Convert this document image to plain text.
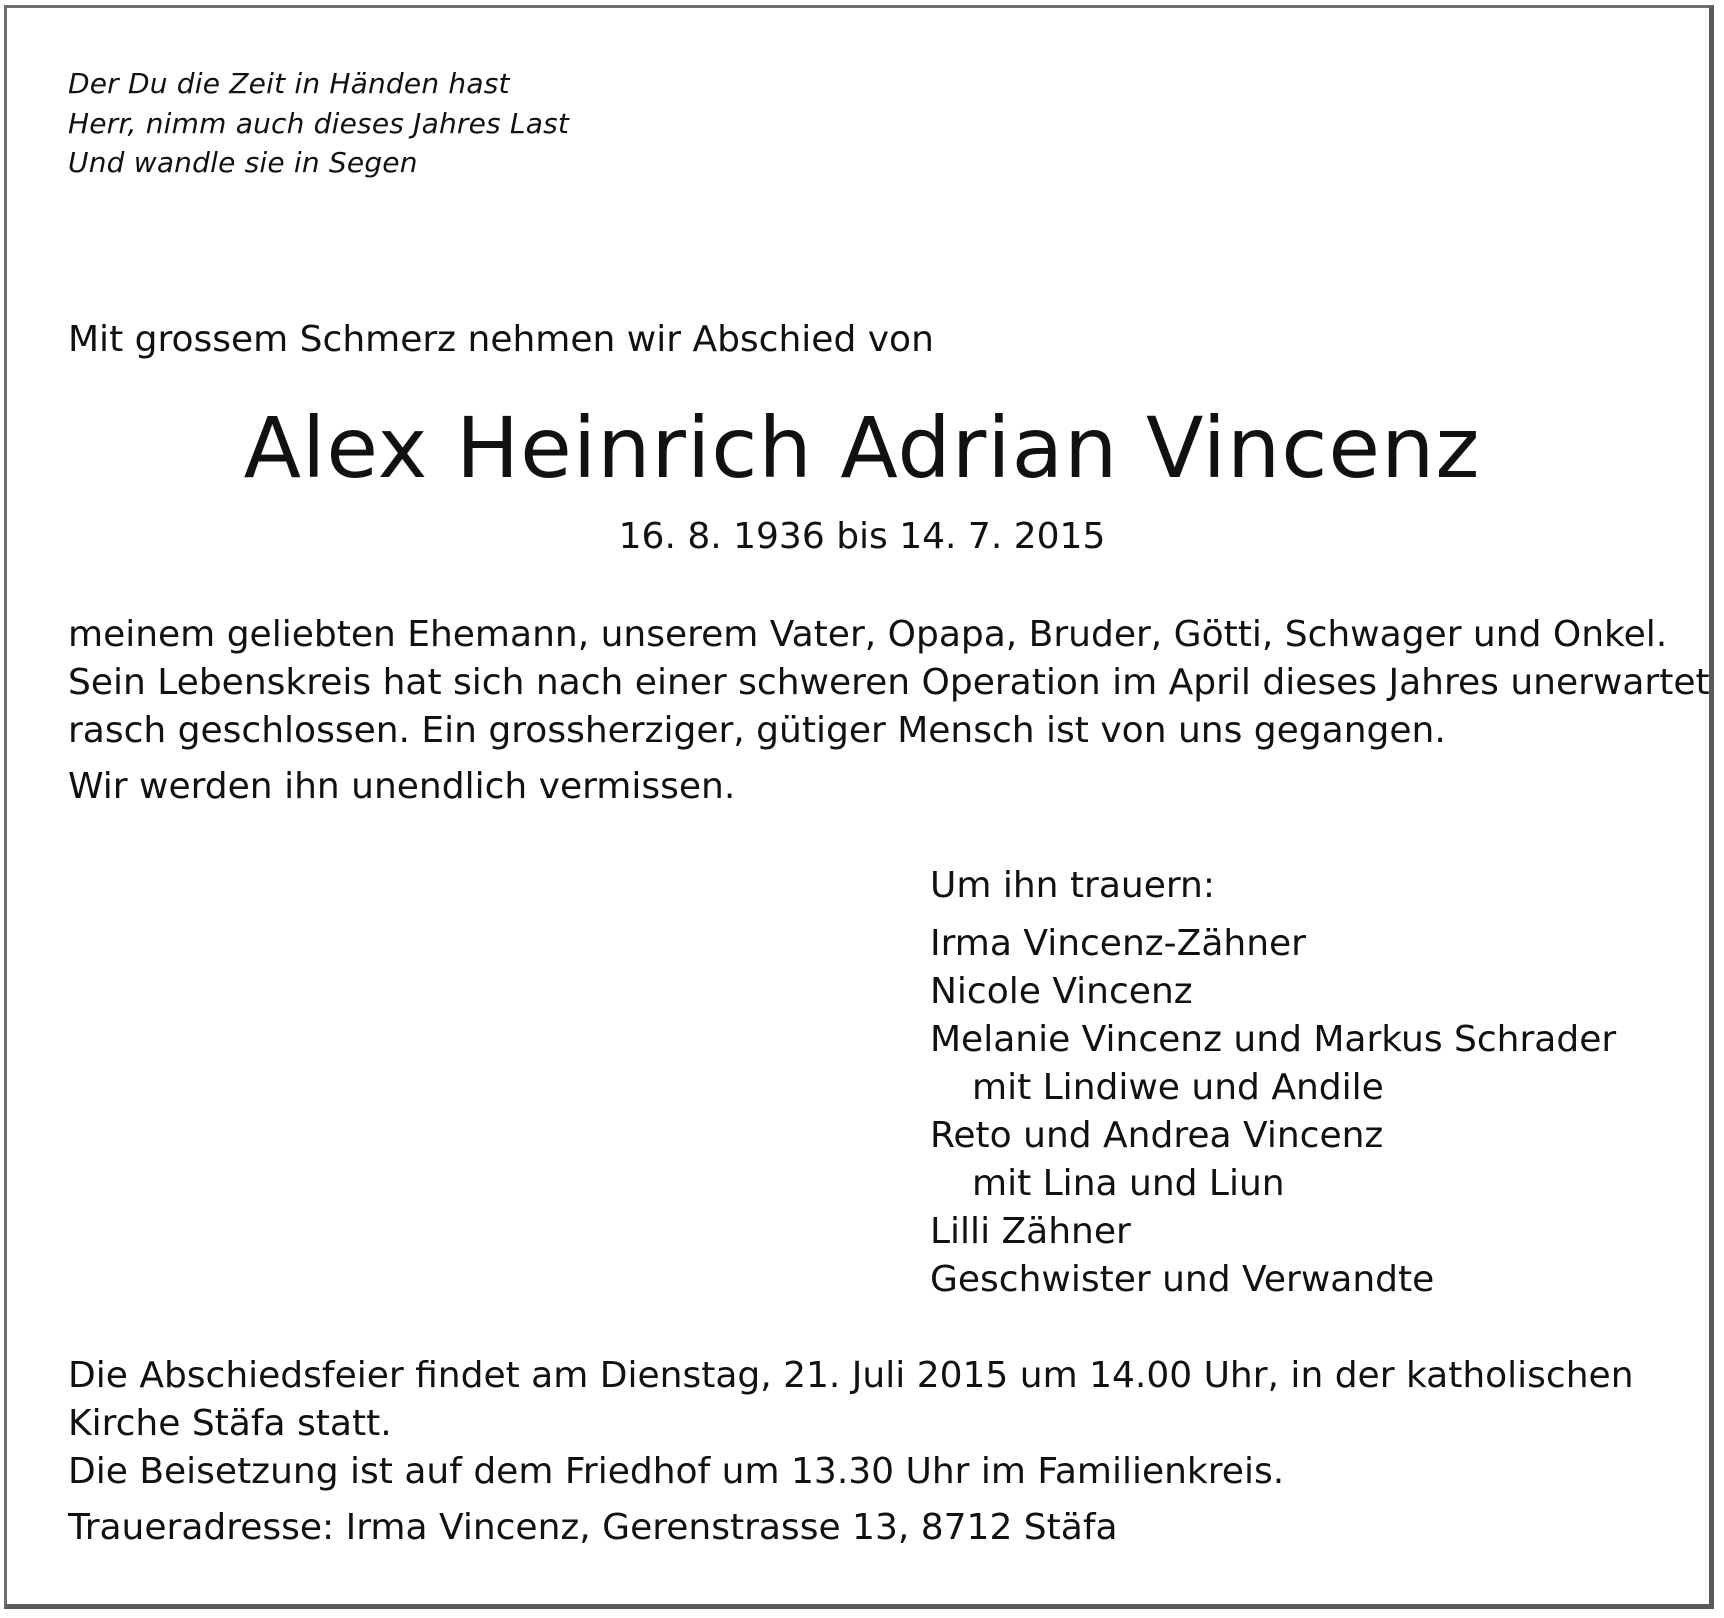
Der Du die Zeit in Händen hast
Herr, nimm auch dieses Jahres Last
Und wandle sie in Segen
Mit grossem Schmerz nehmen wir Abschied von
Alex Heinrich Adrian Vincenz
16. 8. 1936 bis 14. 7. 2015
meinem geliebten Ehemann, unserem Vater, Opapa, Bruder, Götti, Schwager und Onkel.
Sein Lebenskreis hat sich nach einer schweren Operation im April dieses Jahres unerwartet
rasch geschlossen. Ein grossherziger, gütiger Mensch ist von uns gegangen.
Wir werden ihn unendlich vermissen.
Um ihn trauern:
Irma Vincenz-Zähner
Nicole Vincenz
Melanie Vincenz und Markus Schrader
mit Lindiwe und Andile
Reto und Andrea Vincenz
mit Lina und Liun
Lilli Zähner
Geschwister und Verwandte
Die Abschiedsfeier findet am Dienstag, 21. Juli 2015 um 14.00 Uhr, in der katholischen
Kirche Stäfa statt.
Die Beisetzung ist auf dem Friedhof um 13.30 Uhr im Familienkreis.
Traueradresse: Irma Vincenz, Gerenstrasse 13, 8712 Stäfa
